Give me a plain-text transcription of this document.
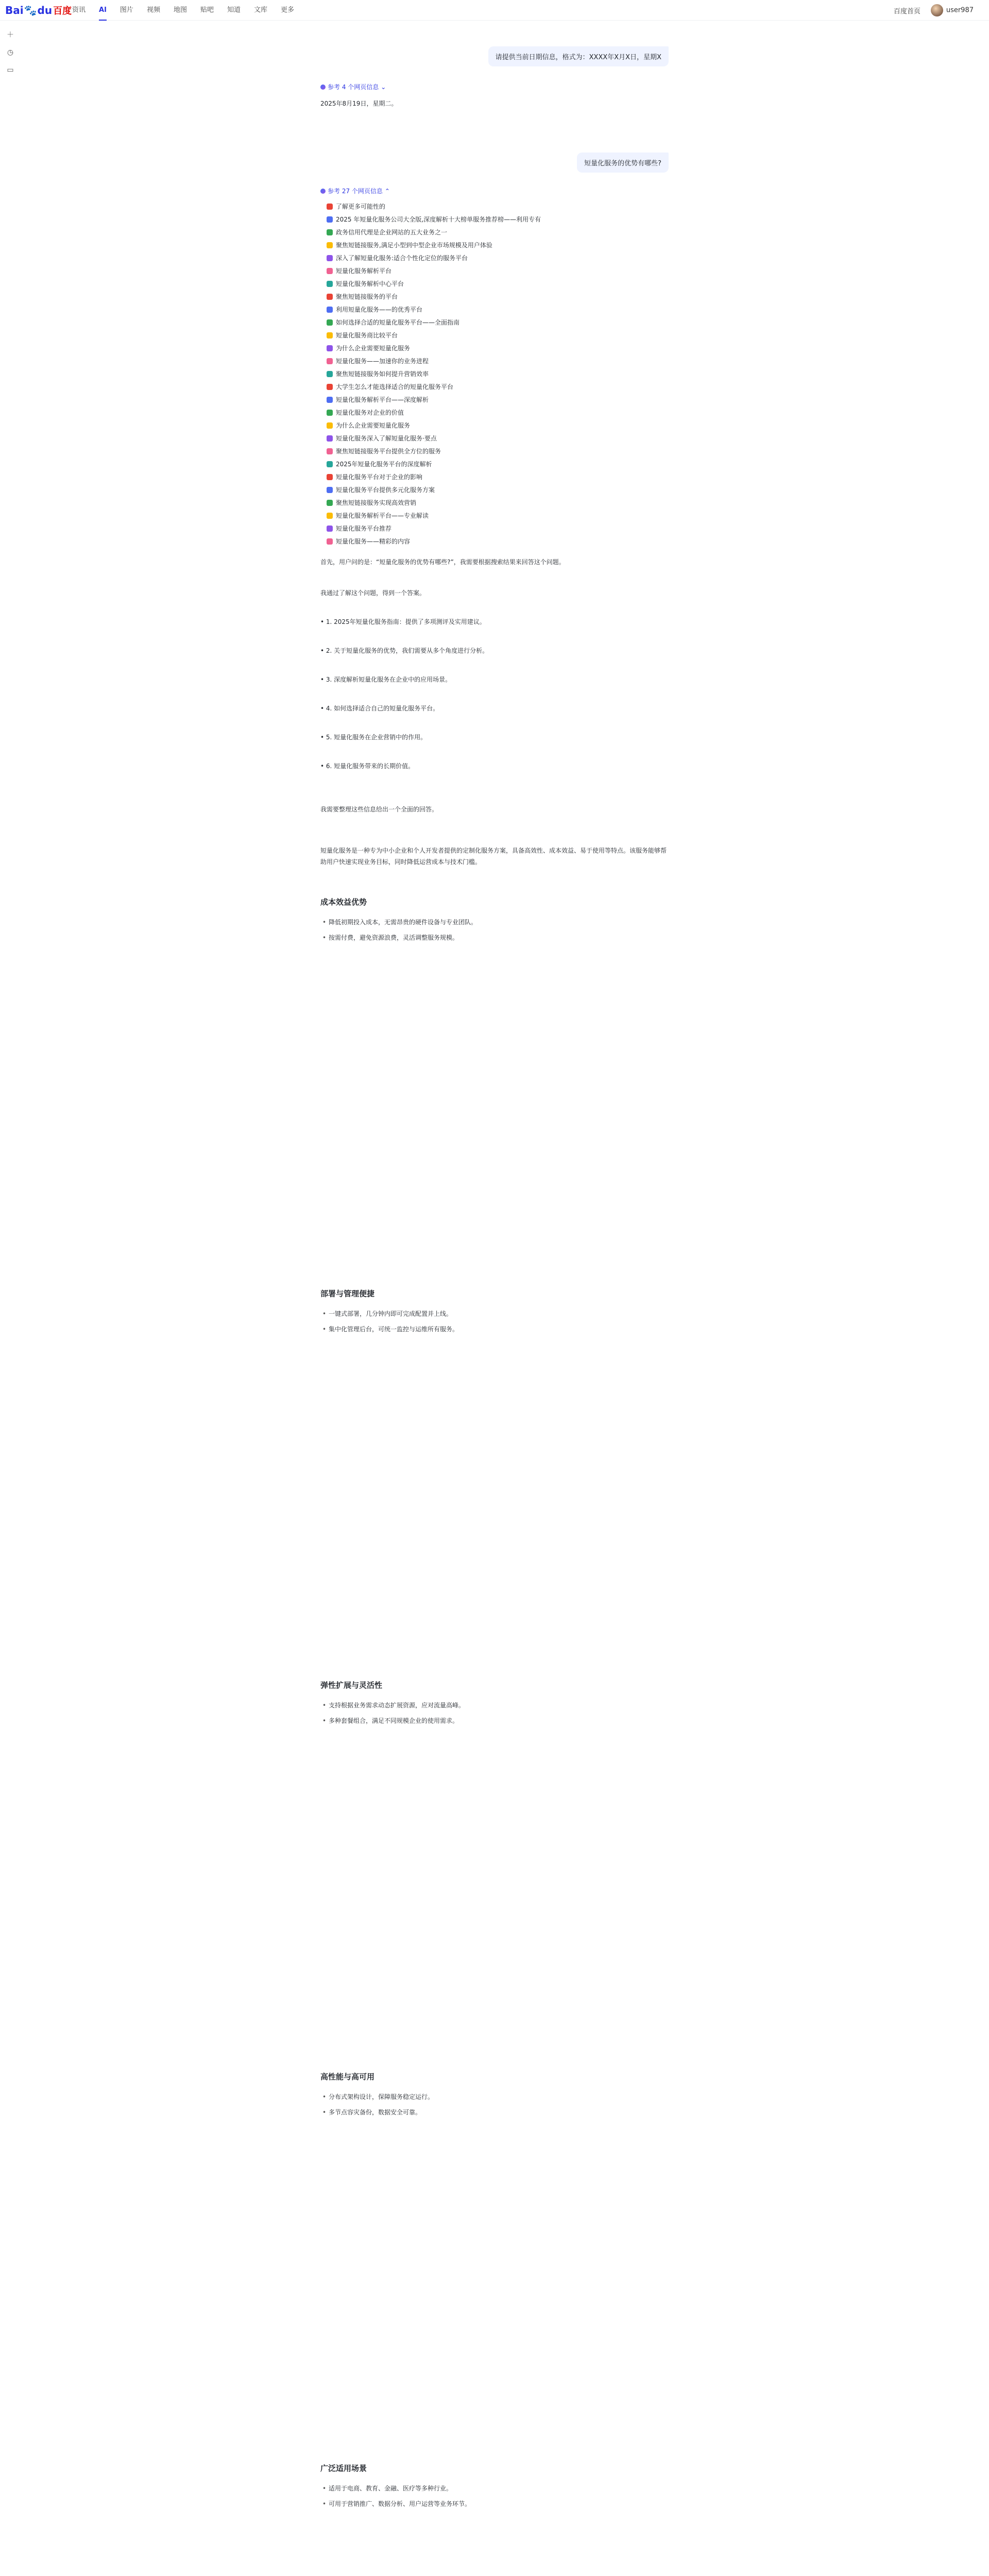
Bai 🐾 du 百度 资讯 AI 图片 视频 地图 贴吧 知道 文库 更多	百度首页	user987
＋
◷
▭
请提供当前日期信息，格式为：XXXX年X月X日，星期X
参考 4 个网页信息 ⌄
2025年8月19日，星期二。
短量化服务的优势有哪些?
参考 27 个网页信息 ⌃
了解更多可能性的
2025 年短量化服务公司大全版,深度解析十大榜单服务推荐榜——利用专有
政务信用代理是企业网站的五大业务之一
聚焦短链接服务,满足小型到中型企业市场规模及用户体验
深入了解短量化服务:适合个性化定位的服务平台
短量化服务解析平台
短量化服务解析中心平台
聚焦短链接服务的平台
利用短量化服务——的优秀平台
如何选择合适的短量化服务平台——全面指南
短量化服务商比较平台
为什么企业需要短量化服务
短量化服务——加速你的业务进程
聚焦短链接服务如何提升营销效率
大学生怎么才能选择适合的短量化服务平台
短量化服务解析平台——深度解析
短量化服务对企业的价值
为什么企业需要短量化服务
短量化服务深入了解短量化服务·要点
聚焦短链接服务平台提供全方位的服务
2025年短量化服务平台的深度解析
短量化服务平台对于企业的影响
短量化服务平台提供多元化服务方案
聚焦短链接服务实现高效营销
短量化服务解析平台——专业解读
短量化服务平台推荐
短量化服务——精彩的内容
首先，用户问的是：“短量化服务的优势有哪些?”，我需要根据搜索结果来回答这个问题。
我通过了解这个问题，得到一个答案。
• 1. 2025年短量化服务指南：提供了多项测评及实用建议。
• 2. 关于短量化服务的优势，我们需要从多个角度进行分析。
• 3. 深度解析短量化服务在企业中的应用场景。
• 4. 如何选择适合自己的短量化服务平台。
• 5. 短量化服务在企业营销中的作用。
• 6. 短量化服务带来的长期价值。
我需要整理这些信息给出一个全面的回答。
短量化服务是一种专为中小企业和个人开发者提供的定制化服务方案，具备高效性、成本效益、易于使用等特点。该服务能够帮助用户快速实现业务目标，同时降低运营成本与技术门槛。
成本效益优势
• 降低初期投入成本，无需昂贵的硬件设备与专业团队。
• 按需付费，避免资源浪费，灵活调整服务规模。
部署与管理便捷
• 一键式部署，几分钟内即可完成配置并上线。
• 集中化管理后台，可统一监控与运维所有服务。
弹性扩展与灵活性
• 支持根据业务需求动态扩展资源，应对流量高峰。
• 多种套餐组合，满足不同规模企业的使用需求。
高性能与高可用
• 分布式架构设计，保障服务稳定运行。
• 多节点容灾备份，数据安全可靠。
广泛适用场景
• 适用于电商、教育、金融、医疗等多种行业。
• 可用于营销推广、数据分析、用户运营等业务环节。
